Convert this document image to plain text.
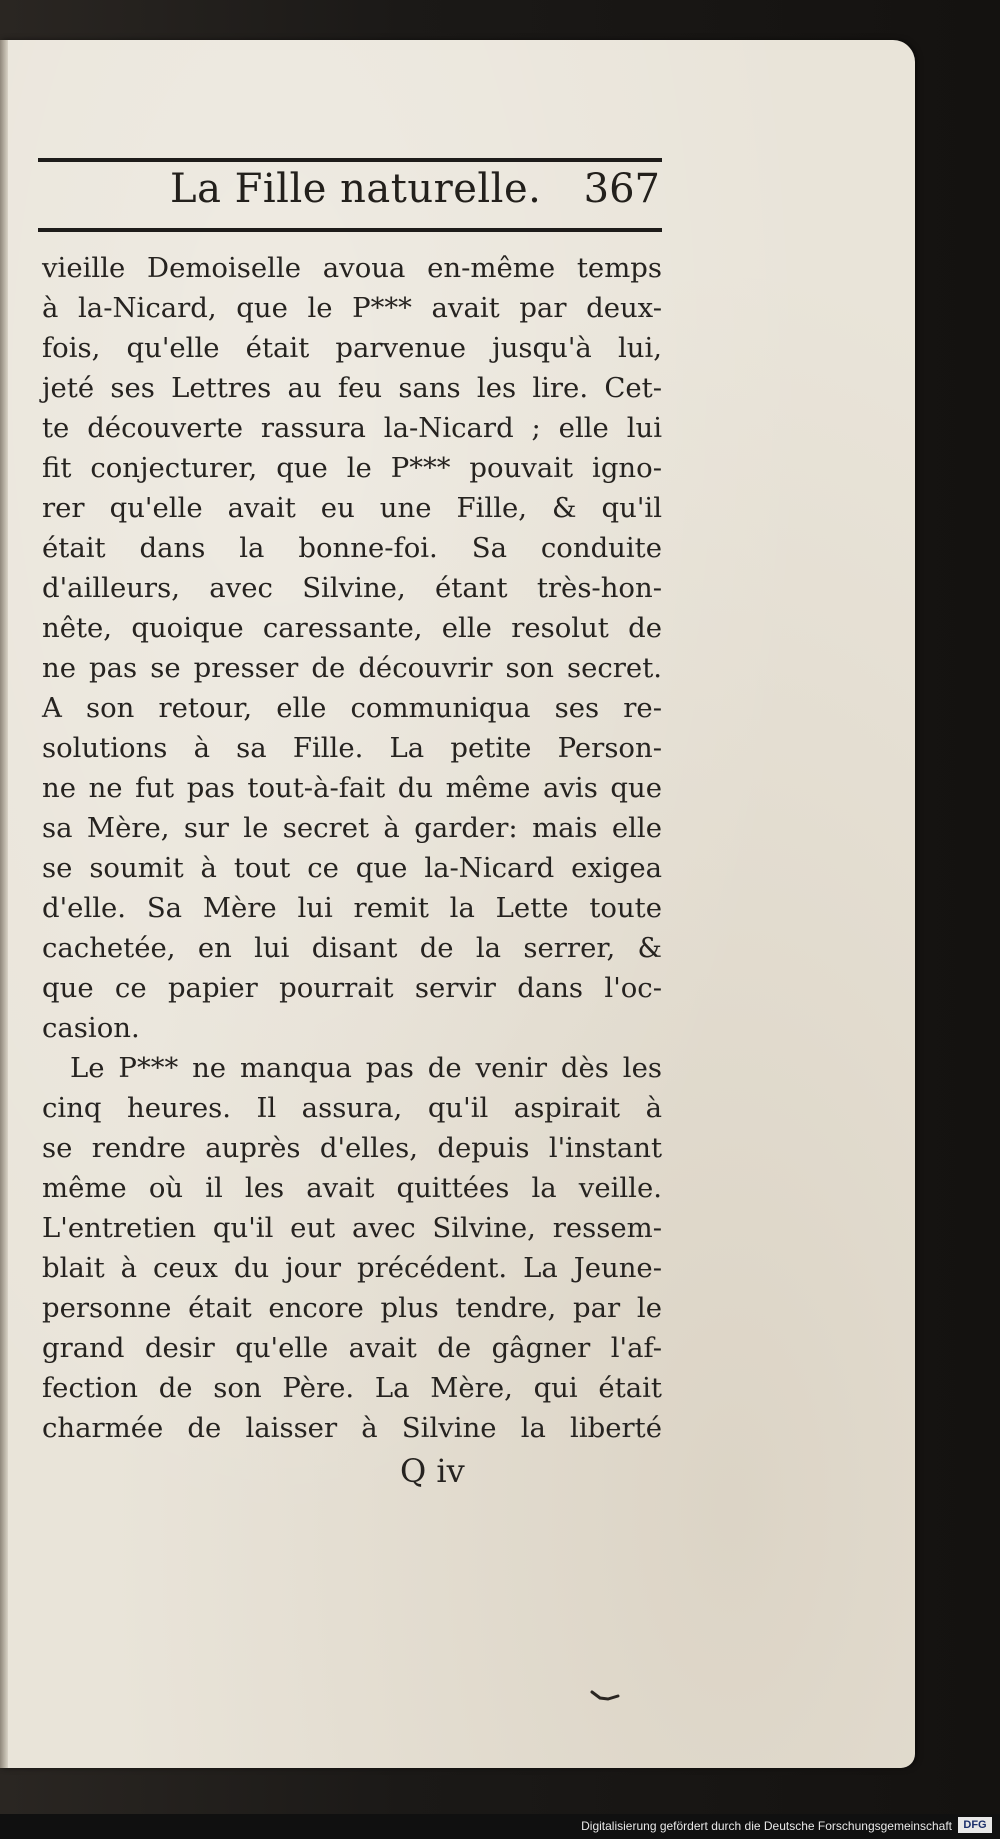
La Fille naturelle. 367
vieille Demoiselle avoua en-même temps
à la-Nicard, que le P*** avait par deux-
fois, qu'elle était parvenue jusqu'à lui,
jeté ses Lettres au feu sans les lire. Cet-
te découverte rassura la-Nicard ; elle lui
fit conjecturer, que le P*** pouvait igno-
rer qu'elle avait eu une Fille, & qu'il
était dans la bonne-foi. Sa conduite
d'ailleurs, avec Silvine, étant très-hon-
nête, quoique caressante, elle resolut de
ne pas se presser de découvrir son secret.
A son retour, elle communiqua ses re-
solutions à sa Fille. La petite Person-
ne ne fut pas tout-à-fait du même avis que
sa Mère, sur le secret à garder: mais elle
se soumit à tout ce que la-Nicard exigea
d'elle. Sa Mère lui remit la Lette toute
cachetée, en lui disant de la serrer, &
que ce papier pourrait servir dans l'oc-
casion.
Le P*** ne manqua pas de venir dès les
cinq heures. Il assura, qu'il aspirait à
se rendre auprès d'elles, depuis l'instant
même où il les avait quittées la veille.
L'entretien qu'il eut avec Silvine, ressem-
blait à ceux du jour précédent. La Jeune-
personne était encore plus tendre, par le
grand desir qu'elle avait de gâgner l'af-
fection de son Père. La Mère, qui était
charmée de laisser à Silvine la liberté
Q iv
Digitalisierung gefördert durch die Deutsche Forschungsgemeinschaft	DFG
